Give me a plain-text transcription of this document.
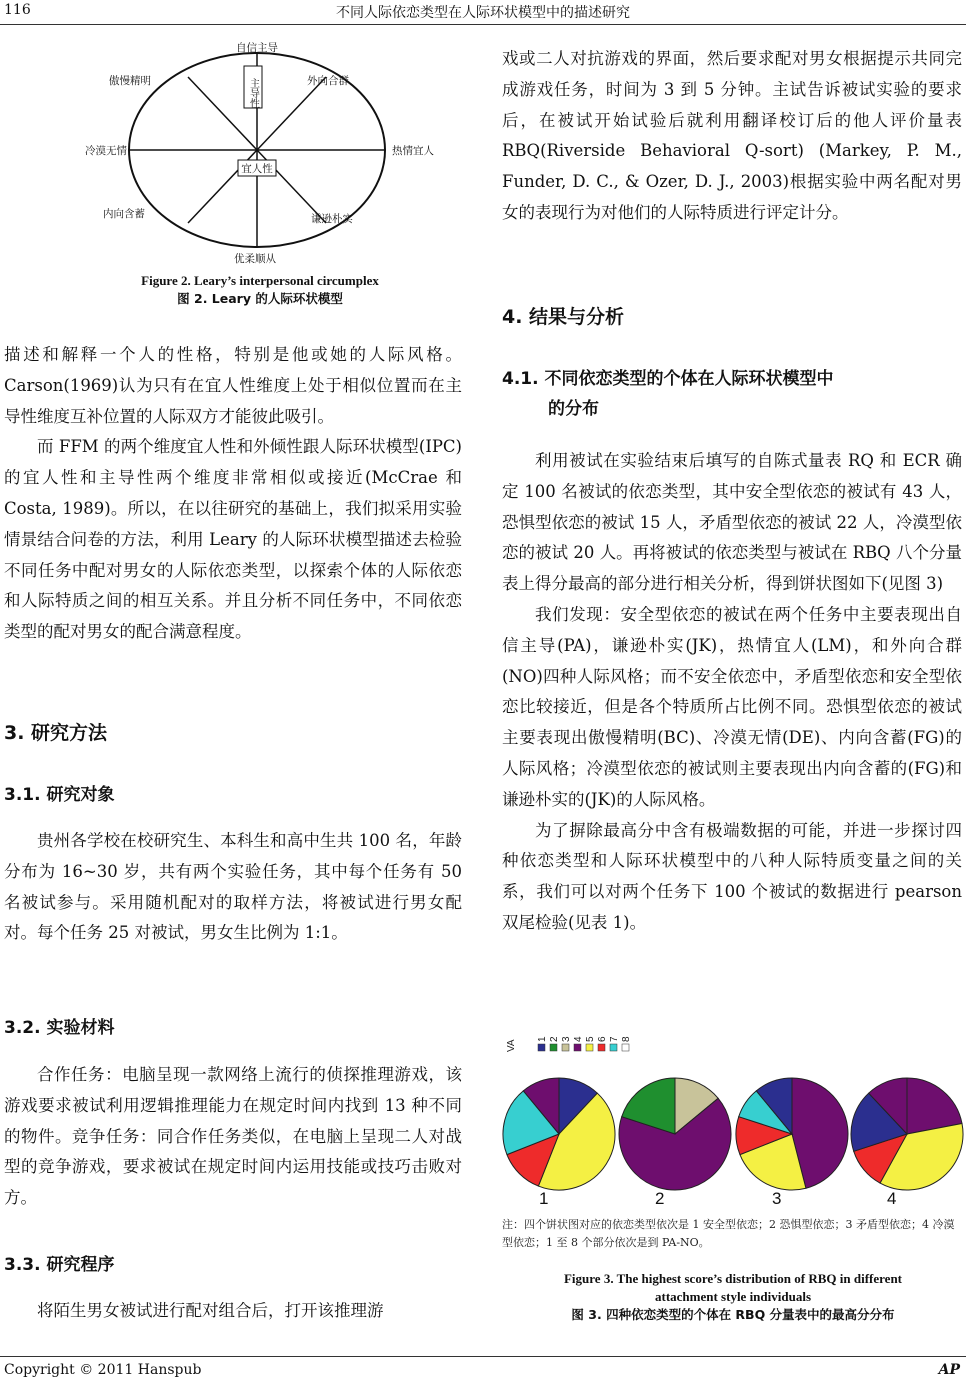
116	不同人际依恋类型在人际环状模型中的描述研究
自信主导
傲慢精明	外向合群
冷漠无情	热情宜人
内向含蓄	谦逊朴实
优柔顺从
主导性
宜人性
Figure 2. Leary’s interpersonal circumplex
图 2. Leary 的人际环状模型

描述和解释一个人的性格，特别是他或她的人际风格。Carson(1969)认为只有在宜人性维度上处于相似位置而在主导性维度互补位置的人际双方才能彼此吸引。

而 FFM 的两个维度宜人性和外倾性跟人际环状模型(IPC)的宜人性和主导性两个维度非常相似或接近(McCrae 和 Costa, 1989)。所以，在以往研究的基础上，我们拟采用实验情景结合问卷的方法，利用 Leary 的人际环状模型描述去检验不同任务中配对男女的人际依恋类型，以探索个体的人际依恋和人际特质之间的相互关系。并且分析不同任务中，不同依恋类型的配对男女的配合满意程度。

3. 研究方法
3.1. 研究对象

贵州各学校在校研究生、本科生和高中生共 100 名，年龄分布为 16~30 岁，共有两个实验任务，其中每个任务有 50 名被试参与。采用随机配对的取样方法，将被试进行男女配对。每个任务 25 对被试，男女生比例为 1:1。

3.2. 实验材料

合作任务：电脑呈现一款网络上流行的侦探推理游戏，该游戏要求被试利用逻辑推理能力在规定时间内找到 13 种不同的物件。竞争任务：同合作任务类似，在电脑上呈现二人对战型的竞争游戏，要求被试在规定时间内运用技能或技巧击败对方。

3.3. 研究程序

将陌生男女被试进行配对组合后，打开该推理游

戏或二人对抗游戏的界面，然后要求配对男女根据提示共同完成游戏任务，时间为 3 到 5 分钟。主试告诉被试实验的要求后，在被试开始试验后就利用翻译校订后的他人评价量表RBQ(Riverside Behavioral Q-sort) (Markey, P. M., Funder, D. C., & Ozer, D. J., 2003)根据实验中两名配对男女的表现行为对他们的人际特质进行评定计分。

4. 结果与分析
4.1. 不同依恋类型的个体在人际环状模型中
的分布

利用被试在实验结束后填写的自陈式量表 RQ 和 ECR 确定 100 名被试的依恋类型，其中安全型依恋的被试有 43 人，恐惧型依恋的被试 15 人，矛盾型依恋的被试 22 人，冷漠型依恋的被试 20 人。再将被试的依恋类型与被试在 RBQ 八个分量表上得分最高的部分进行相关分析，得到饼状图如下(见图 3)

我们发现：安全型依恋的被试在两个任务中主要表现出自信主导(PA)，谦逊朴实(JK)，热情宜人(LM)，和外向合群(NO)四种人际风格；而不安全依恋中，矛盾型依恋和安全型依恋比较接近，但是各个特质所占比例不同。恐惧型依恋的被试主要表现出傲慢精明(BC)、冷漠无情(DE)、内向含蓄(FG)的人际风格；冷漠型依恋的被试则主要表现出内向含蓄的(FG)和谦逊朴实的(JK)的人际风格。

为了摒除最高分中含有极端数据的可能，并进一步探讨四种依恋类型和人际环状模型中的八种人际特质变量之间的关系，我们可以对两个任务下 100 个被试的数据进行 pearson 双尾检验(见表 1)。

VA
1 2 3 4 5 6 7 8
1	2	3	4
注：四个饼状图对应的依恋类型依次是 1 安全型依恋；2 恐惧型依恋；3 矛盾型依恋；4 冷漠型依恋；1 至 8 个部分依次是到 PA-NO。
Figure 3. The highest score’s distribution of RBQ in different
attachment style individuals
图 3. 四种依恋类型的个体在 RBQ 分量表中的最高分分布
Copyright © 2011 Hanspub	AP
